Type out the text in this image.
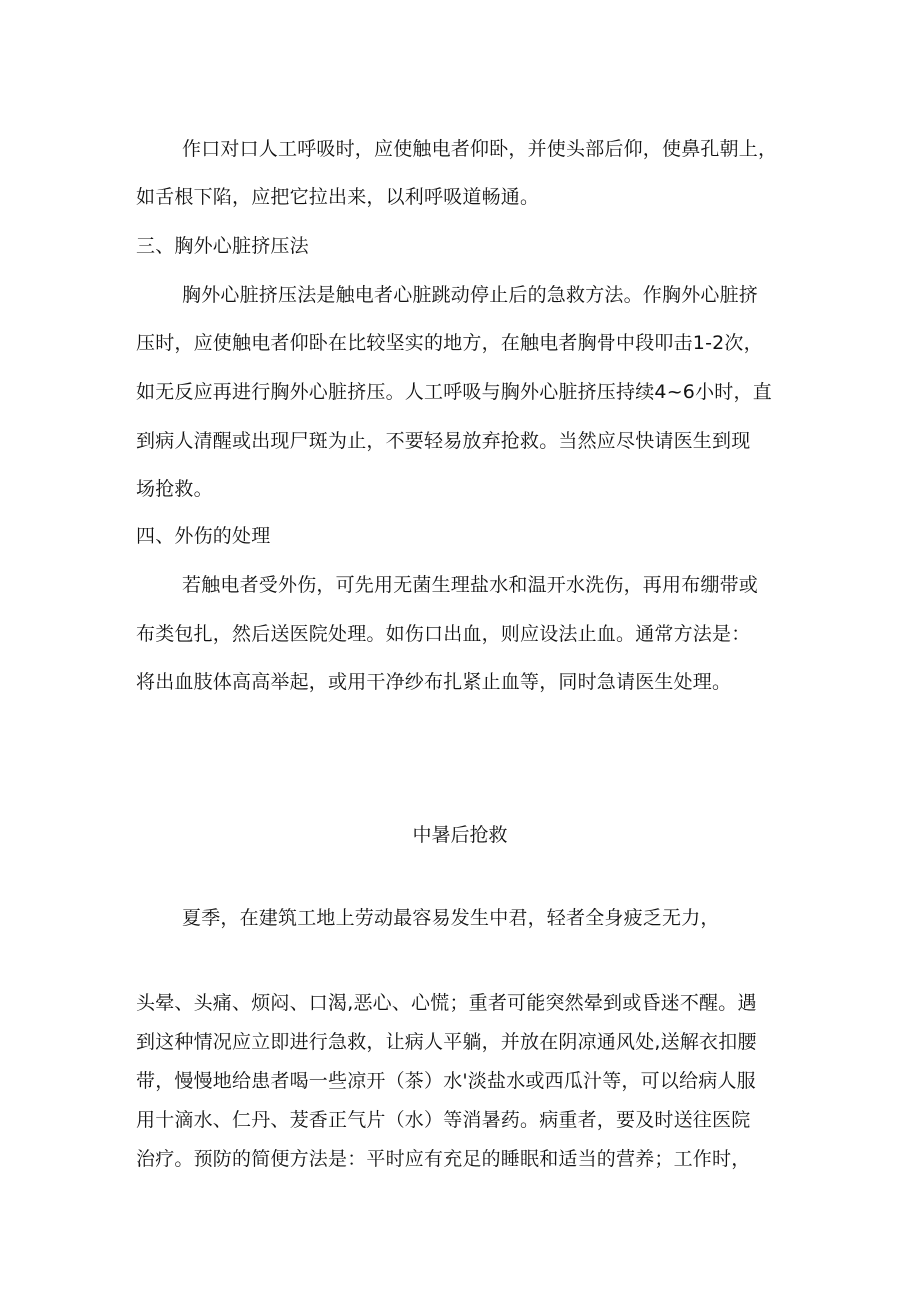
作口对口人工呼吸时，应使触电者仰卧，并使头部后仰，使鼻孔朝上，
如舌根下陷，应把它拉出来，以利呼吸道畅通。
三、胸外心脏挤压法
胸外心脏挤压法是触电者心脏跳动停止后的急救方法。作胸外心脏挤
压时，应使触电者仰卧在比较坚实的地方，在触电者胸骨中段叩击1-2次，
如无反应再进行胸外心脏挤压。人工呼吸与胸外心脏挤压持续4~6小时，直
到病人清醒或出现尸斑为止，不要轻易放弃抢救。当然应尽快请医生到现
场抢救。
四、外伤的处理
若触电者受外伤，可先用无菌生理盐水和温开水洗伤，再用布绷带或
布类包扎，然后送医院处理。如伤口出血，则应设法止血。通常方法是：
将出血肢体高高举起，或用干净纱布扎紧止血等，同时急请医生处理。
中暑后抢救
夏季，在建筑工地上劳动最容易发生中君，轻者全身疲乏无力，
头晕、头痛、烦闷、口渴,恶心、心慌；重者可能突然晕到或昏迷不醒。遇
到这种情况应立即进行急救，让病人平躺，并放在阴凉通风处,送解衣扣腰
带，慢慢地给患者喝一些凉开（茶）水'淡盐水或西瓜汁等，可以给病人服
用十滴水、仁丹、茇香正气片（水）等消暑药。病重者，要及时送往医院
治疗。预防的简便方法是：平时应有充足的睡眠和适当的营养；工作时，
